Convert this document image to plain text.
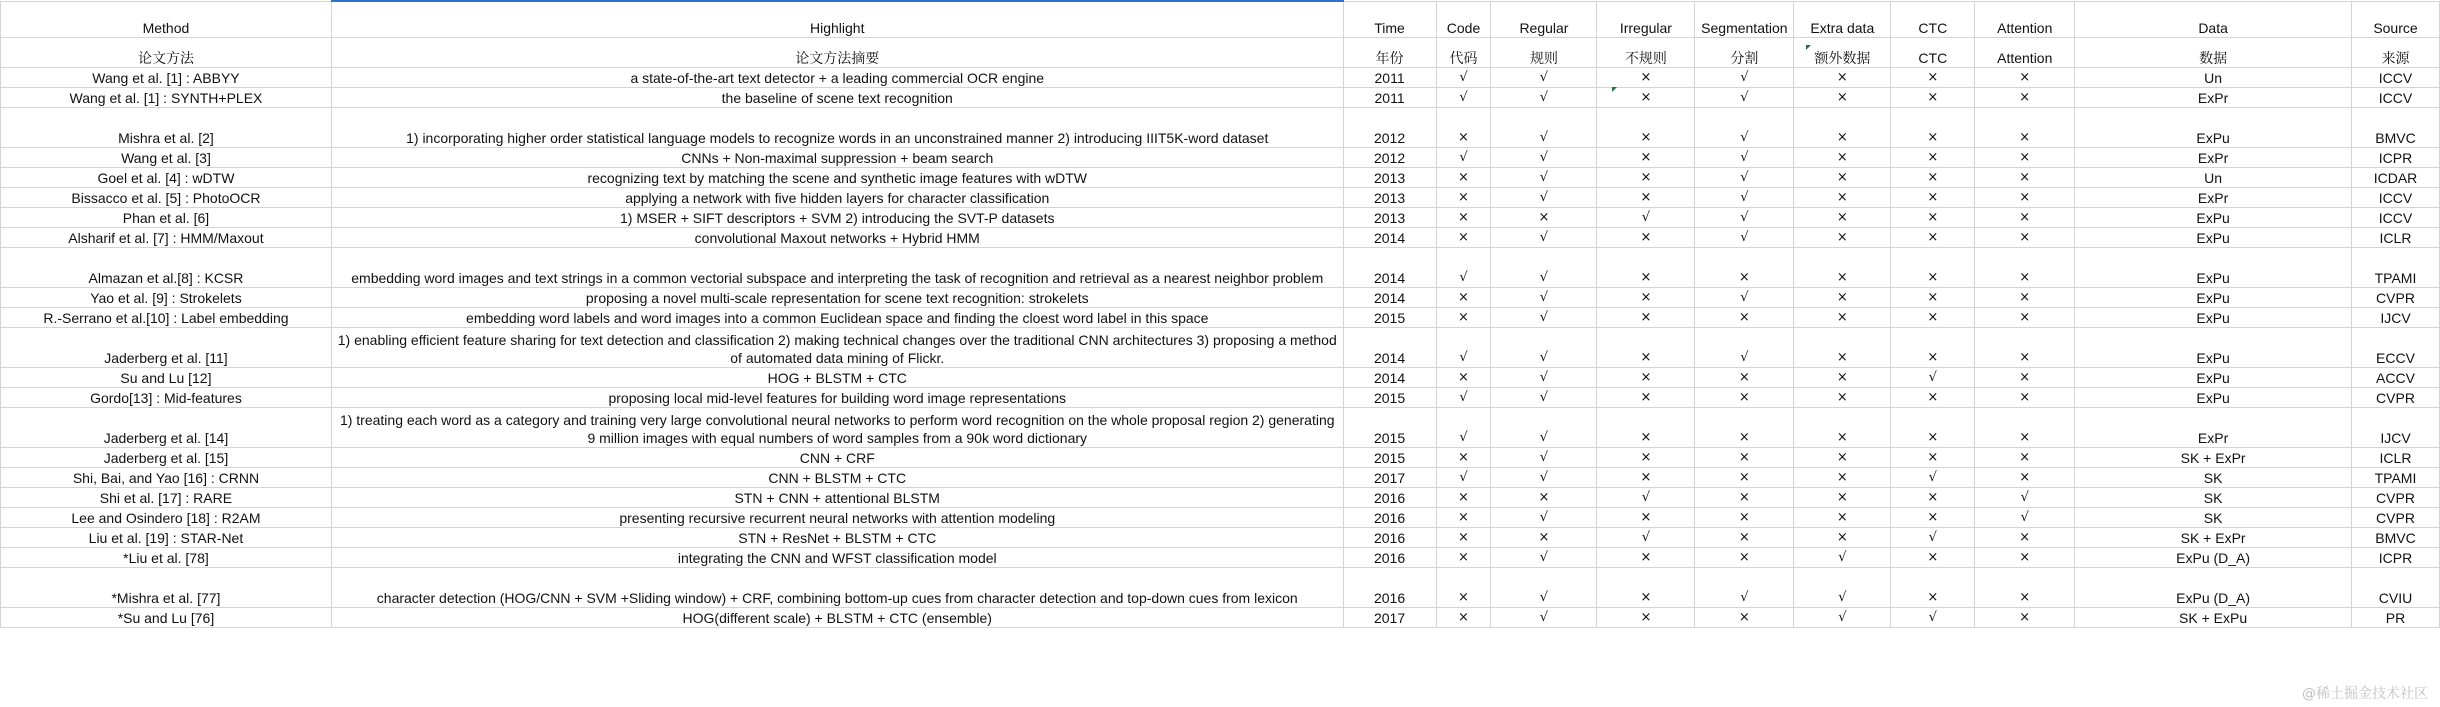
Method	Highlight	Time	Code	Regular	Irregular	Segmentation	Extra data	CTC	Attention	Data	Source
论文方法	论文方法摘要	年份	代码	规则	不规则	分割	额外数据	CTC	Attention	数据	来源
Wang et al. [1] : ABBYY	a state-of-the-art text detector + a leading commercial OCR engine	2011	√	√	×	√	×	×	×	Un	ICCV
Wang et al. [1] : SYNTH+PLEX	the baseline of scene text recognition	2011	√	√	×	√	×	×	×	ExPr	ICCV
Mishra et al. [2]	1) incorporating higher order statistical language models to recognize words in an unconstrained manner 2) introducing IIIT5K-word dataset	2012	×	√	×	√	×	×	×	ExPu	BMVC
Wang et al. [3]	CNNs + Non-maximal suppression + beam search	2012	√	√	×	√	×	×	×	ExPr	ICPR
Goel et al. [4] : wDTW	recognizing text by matching the scene and synthetic image features with wDTW	2013	×	√	×	√	×	×	×	Un	ICDAR
Bissacco et al. [5] : PhotoOCR	applying a network with five hidden layers for character classification	2013	×	√	×	√	×	×	×	ExPr	ICCV
Phan et al. [6]	1) MSER + SIFT descriptors + SVM 2) introducing the SVT-P datasets	2013	×	×	√	√	×	×	×	ExPu	ICCV
Alsharif et al. [7] : HMM/Maxout	convolutional Maxout networks + Hybrid HMM	2014	×	√	×	√	×	×	×	ExPu	ICLR
Almazan et al.[8] : KCSR	embedding word images and text strings in a common vectorial subspace and interpreting the task of recognition and retrieval as a nearest neighbor problem	2014	√	√	×	×	×	×	×	ExPu	TPAMI
Yao et al. [9] : Strokelets	proposing a novel multi-scale representation for scene text recognition: strokelets	2014	×	√	×	√	×	×	×	ExPu	CVPR
R.-Serrano et al.[10] : Label embedding	embedding word labels and word images into a common Euclidean space and finding the cloest word label in this space	2015	×	√	×	×	×	×	×	ExPu	IJCV
Jaderberg et al. [11]	1) enabling efficient feature sharing for text detection and classification 2) making technical changes over the traditional CNN architectures 3) proposing a method of automated data mining of Flickr.	2014	√	√	×	√	×	×	×	ExPu	ECCV
Su and Lu [12]	HOG + BLSTM + CTC	2014	×	√	×	×	×	√	×	ExPu	ACCV
Gordo[13] : Mid-features	proposing local mid-level features for building word image representations	2015	√	√	×	×	×	×	×	ExPu	CVPR
Jaderberg et al. [14]	1) treating each word as a category and training very large convolutional neural networks to perform word recognition on the whole proposal region 2) generating 9 million images with equal numbers of word samples from a 90k word dictionary	2015	√	√	×	×	×	×	×	ExPr	IJCV
Jaderberg et al. [15]	CNN + CRF	2015	×	√	×	×	×	×	×	SK + ExPr	ICLR
Shi, Bai, and Yao [16] : CRNN	CNN + BLSTM + CTC	2017	√	√	×	×	×	√	×	SK	TPAMI
Shi et al. [17] : RARE	STN + CNN + attentional BLSTM	2016	×	×	√	×	×	×	√	SK	CVPR
Lee and Osindero [18] : R2AM	presenting recursive recurrent neural networks with attention modeling	2016	×	√	×	×	×	×	√	SK	CVPR
Liu et al. [19] : STAR-Net	STN + ResNet + BLSTM + CTC	2016	×	×	√	×	×	√	×	SK + ExPr	BMVC
*Liu et al. [78]	integrating the CNN and WFST classification model	2016	×	√	×	×	√	×	×	ExPu (D_A)	ICPR
*Mishra et al. [77]	character detection (HOG/CNN + SVM +Sliding window) + CRF, combining bottom-up cues from character detection and top-down cues from lexicon	2016	×	√	×	√	√	×	×	ExPu (D_A)	CVIU
*Su and Lu [76]	HOG(different scale) + BLSTM + CTC (ensemble)	2017	×	√	×	×	√	√	×	SK + ExPu	PR
@稀土掘金技术社区
